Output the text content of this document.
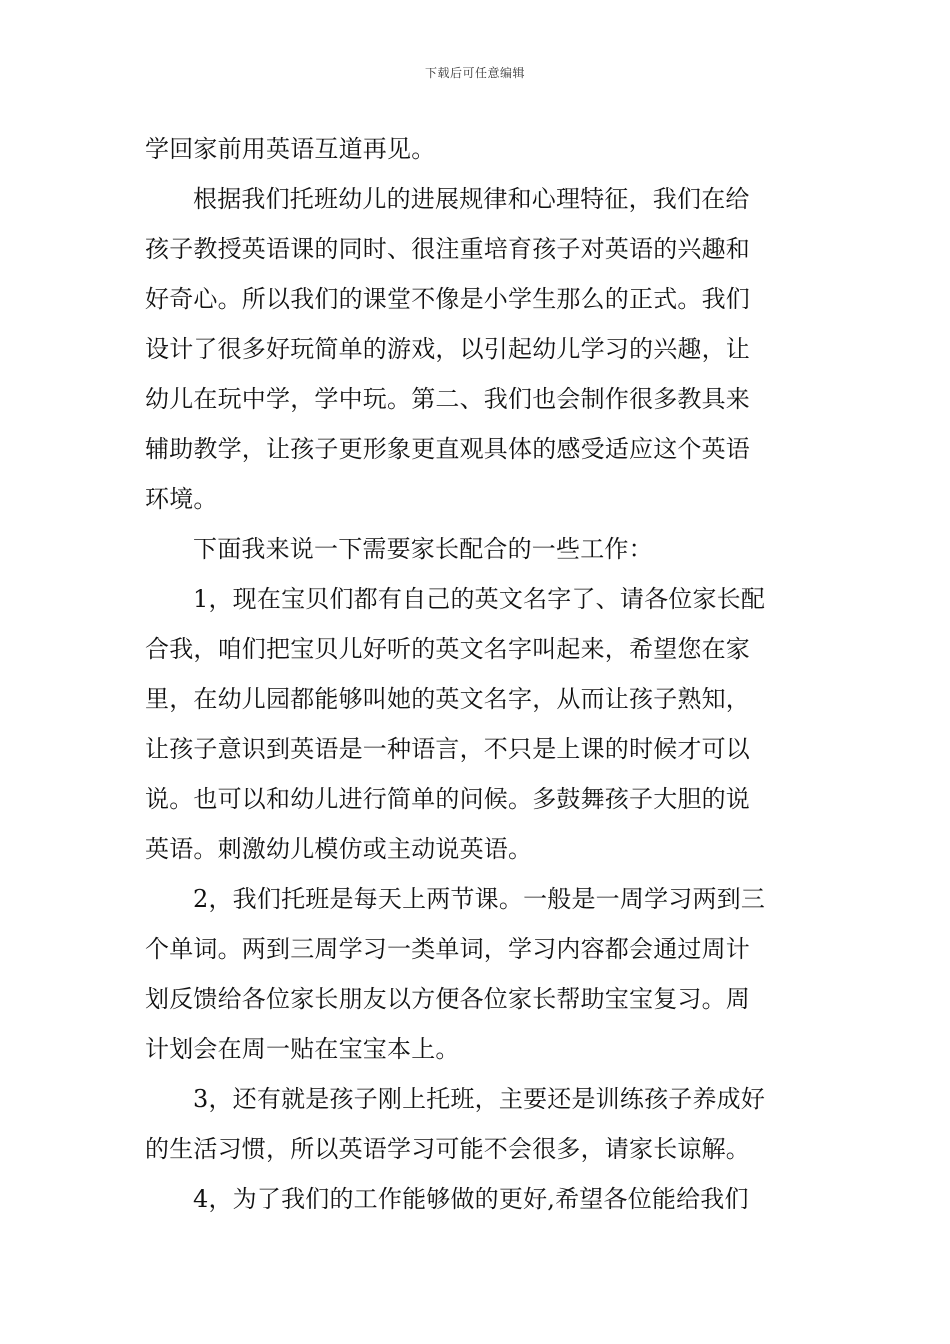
下载后可任意编辑
学回家前用英语互道再见。
根据我们托班幼儿的进展规律和心理特征，我们在给
孩子教授英语课的同时、很注重培育孩子对英语的兴趣和
好奇心。所以我们的课堂不像是小学生那么的正式。我们
设计了很多好玩简单的游戏，以引起幼儿学习的兴趣，让
幼儿在玩中学，学中玩。第二、我们也会制作很多教具来
辅助教学，让孩子更形象更直观具体的感受适应这个英语
环境。
下面我来说一下需要家长配合的一些工作：
1，现在宝贝们都有自己的英文名字了、请各位家长配
合我，咱们把宝贝儿好听的英文名字叫起来，希望您在家
里，在幼儿园都能够叫她的英文名字，从而让孩子熟知，
让孩子意识到英语是一种语言，不只是上课的时候才可以
说。也可以和幼儿进行简单的问候。多鼓舞孩子大胆的说
英语。刺激幼儿模仿或主动说英语。
2，我们托班是每天上两节课。一般是一周学习两到三
个单词。两到三周学习一类单词，学习内容都会通过周计
划反馈给各位家长朋友以方便各位家长帮助宝宝复习。周
计划会在周一贴在宝宝本上。
3，还有就是孩子刚上托班，主要还是训练孩子养成好
的生活习惯，所以英语学习可能不会很多，请家长谅解。
4，为了我们的工作能够做的更好,希望各位能给我们
